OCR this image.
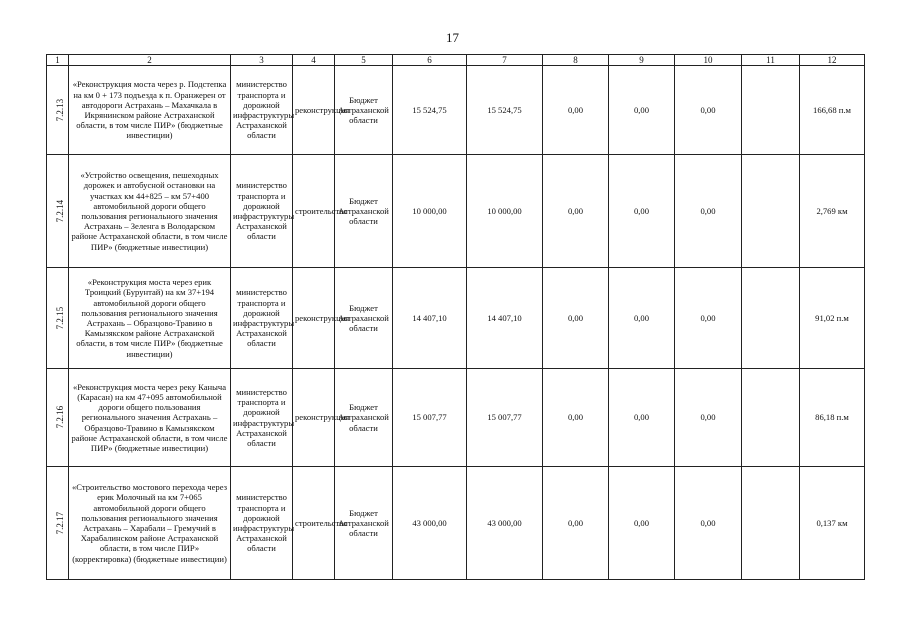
17
1	2	3	4	5	6	7	8	9	10	11	12
7.2.13	«Реконструкция моста через р. Подстепка на км 0 + 173 подъезда к п. Оранжерен от автодороги Астрахань – Махачкала в Икрянинском районе Астраханской области, в том числе ПИР» (бюджетные инвестиции)	министерство транспорта и дорожной инфраструктуры Астраханской области	реконструкция	Бюджет Астраханской области	15 524,75	15 524,75	0,00	0,00	0,00		166,68 п.м
7.2.14	«Устройство освещения, пешеходных дорожек и автобусной остановки на участках км 44+825 – км 57+400 автомобильной дороги общего пользования регионального значения Астрахань – Зеленга в Володарском районе Астраханской области, в том числе ПИР» (бюджетные инвестиции)	министерство транспорта и дорожной инфраструктуры Астраханской области	строительство	Бюджет Астраханской области	10 000,00	10 000,00	0,00	0,00	0,00		2,769 км
7.2.15	«Реконструкция моста через ерик Троицкий (Бурунтай) на км 37+194 автомобильной дороги общего пользования регионального значения Астрахань – Образцово-Травино в Камызякском районе Астраханской области, в том числе ПИР» (бюджетные инвестиции)	министерство транспорта и дорожной инфраструктуры Астраханской области	реконструкция	Бюджет Астраханской области	14 407,10	14 407,10	0,00	0,00	0,00		91,02 п.м
7.2.16	«Реконструкция моста через реку Каныча (Карасан) на км 47+095 автомобильной дороги общего пользования регионального значения Астрахань – Образцово-Травино в Камызякском районе Астраханской области, в том числе ПИР» (бюджетные инвестиции)	министерство транспорта и дорожной инфраструктуры Астраханской области	реконструкция	Бюджет Астраханской области	15 007,77	15 007,77	0,00	0,00	0,00		86,18 п.м
7.2.17	«Строительство мостового перехода через ерик Молочный на км 7+065 автомобильной дороги общего пользования регионального значения Астрахань – Харабали – Гремучий в Харабалинском районе Астраханской области, в том числе ПИР» (корректировка) (бюджетные инвестиции)	министерство транспорта и дорожной инфраструктуры Астраханской области	строительство	Бюджет Астраханской области	43 000,00	43 000,00	0,00	0,00	0,00		0,137 км
